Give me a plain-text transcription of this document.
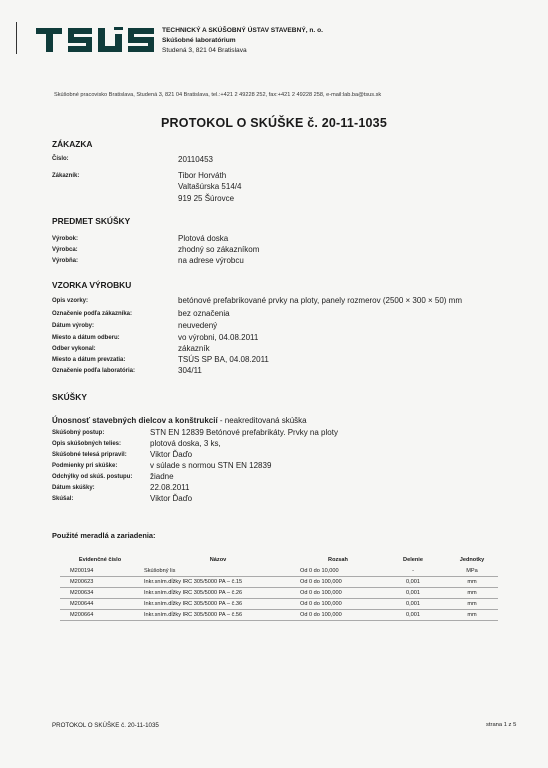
TECHNICKÝ A SKÚŠOBNÝ ÚSTAV STAVEBNÝ, n. o.
Skúšobné laboratórium
Studená 3, 821 04 Bratislava
Skúšobné pracovisko Bratislava, Studená 3, 821 04 Bratislava, tel.:+421 2 49228 252, fax:+421 2 49228 258, e-mail:lab.ba@tsus.sk
PROTOKOL O SKÚŠKE č. 20-11-1035
ZÁKAZKA
Číslo:	20110453
Zákazník:	Tibor Horváth
Valtašúrska 514/4
919 25 Šúrovce
PREDMET SKÚŠKY
Výrobok:	Plotová doska
Výrobca:	zhodný so zákazníkom
Výrobňa:	na adrese výrobcu
VZORKA VÝROBKU
Opis vzorky:	betónové prefabrikované prvky na ploty, panely rozmerov (2500 × 300 × 50) mm
Označenie podľa zákazníka:	bez označenia
Dátum výroby:	neuvedený
Miesto a dátum odberu:	vo výrobni, 04.08.2011
Odber vykonal:	zákazník
Miesto a dátum prevzatia:	TSÚS SP BA, 04.08.2011
Označenie podľa laboratória:	304/11
SKÚŠKY
Únosnosť stavebných dielcov a konštrukcií - neakreditovaná skúška
Skúšobný postup:	STN EN 12839 Betónové prefabrikáty. Prvky na ploty
Opis skúšobných telies:	plotová doska, 3 ks,
Skúšobné telesá pripravil:	Viktor Ďaďo
Podmienky pri skúške:	v súlade s normou STN EN 12839
Odchýlky od skúš. postupu: žiadne
Dátum skúšky:	22.08.2011
Skúšal:	Viktor Ďaďo
Použité meradlá a zariadenia:
Evidenčné číslo	Názov	Rozsah	Delenie	Jednotky
M200194	Skúšobný lis	Od 0 do 10,000	-	MPa
M200623	Inkr.sním.dĺžky IRC 305/5000 PA – č.15	Od 0 do 100,000	0,001	mm
M200634	Inkr.sním.dĺžky IRC 305/5000 PA – č.26	Od 0 do 100,000	0,001	mm
M200644	Inkr.sním.dĺžky IRC 305/5000 PA – č.36	Od 0 do 100,000	0,001	mm
M200664	Inkr.sním.dĺžky IRC 305/5000 PA – č.56	Od 0 do 100,000	0,001	mm
PROTOKOL O SKÚŠKE č. 20-11-1035	strana 1 z 5
